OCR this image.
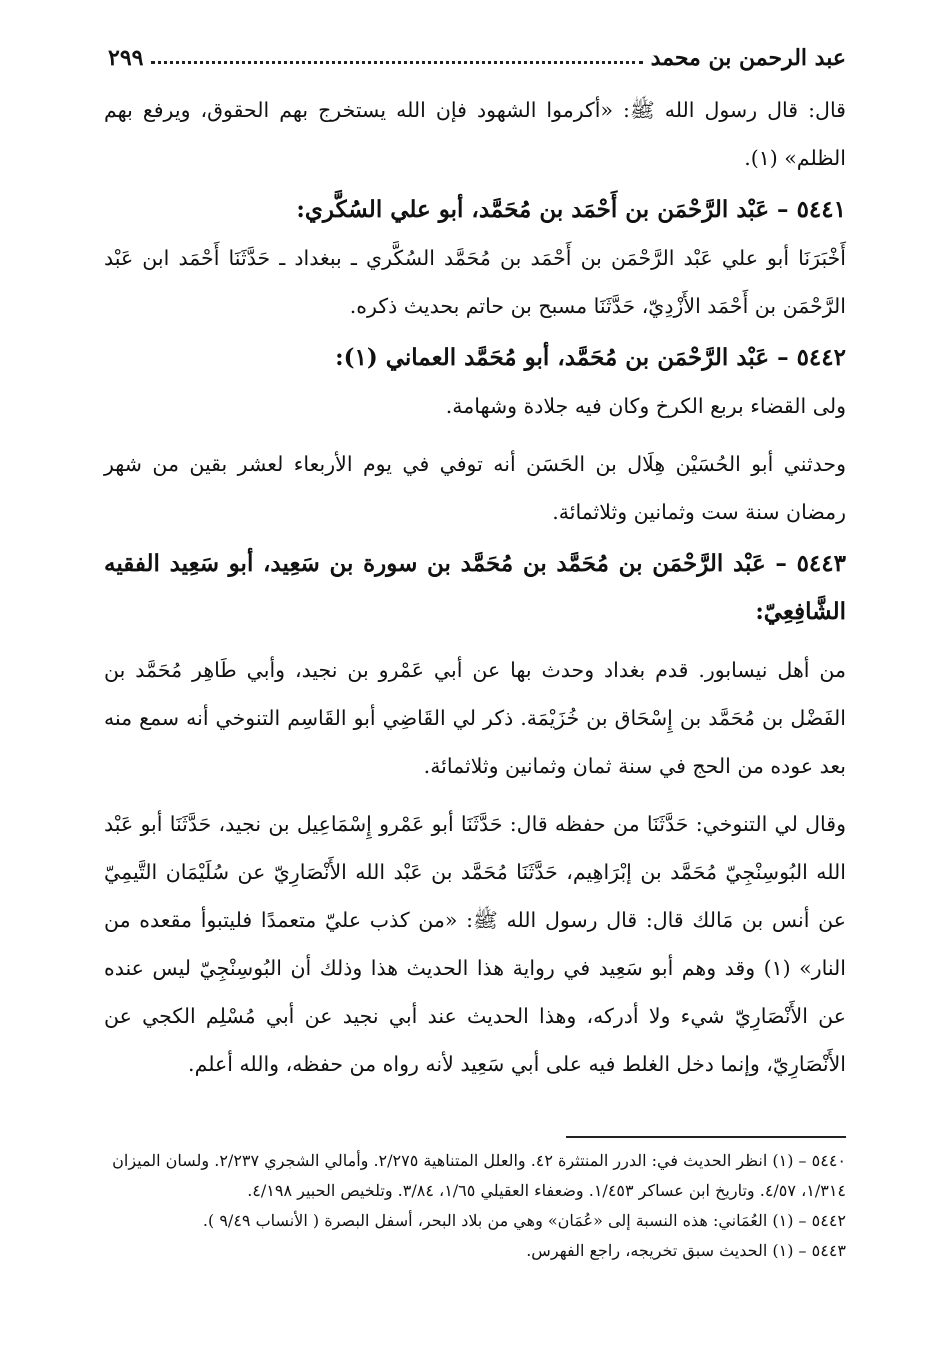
عبد الرحمن بن محمد
٢٩٩

قال: قال رسول الله ﷺ: «أكرموا الشهود فإن الله يستخرج بهم الحقوق، ويرفع بهم الظلم» (١).

٥٤٤١ – عَبْد الرَّحْمَن بن أَحْمَد بن مُحَمَّد، أبو علي السُكَّري:

أَخْبَرَنَا أبو علي عَبْد الرَّحْمَن بن أَحْمَد بن مُحَمَّد السُكَّري ـ ببغداد ـ حَدَّثَنَا أَحْمَد ابن عَبْد الرَّحْمَن بن أَحْمَد الأَزْدِيّ، حَدَّثَنَا مسبح بن حاتم بحديث ذكره.

٥٤٤٢ – عَبْد الرَّحْمَن بن مُحَمَّد، أبو مُحَمَّد العماني (١):

ولى القضاء بربع الكرخ وكان فيه جلادة وشهامة.

وحدثني أبو الحُسَيْن هِلَال بن الحَسَن أنه توفي في يوم الأربعاء لعشر بقين من شهر رمضان سنة ست وثمانين وثلاثمائة.

٥٤٤٣ – عَبْد الرَّحْمَن بن مُحَمَّد بن مُحَمَّد بن سورة بن سَعِيد، أبو سَعِيد الفقيه الشَّافِعِيّ:

من أهل نيسابور. قدم بغداد وحدث بها عن أبي عَمْرو بن نجيد، وأبي طَاهِر مُحَمَّد بن الفَضْل بن مُحَمَّد بن إِسْحَاق بن خُزَيْمَة. ذكر لي القَاضِي أبو القَاسِم التنوخي أنه سمع منه بعد عوده من الحج في سنة ثمان وثمانين وثلاثمائة.

وقال لي التنوخي: حَدَّثَنَا من حفظه قال: حَدَّثَنَا أبو عَمْرو إِسْمَاعِيل بن نجيد، حَدَّثَنَا أبو عَبْد الله البُوسِنْجِيّ مُحَمَّد بن إبْرَاهِيم، حَدَّثَنَا مُحَمَّد بن عَبْد الله الأَنْصَارِيّ عن سُلَيْمَان التَّيمِيّ عن أنس بن مَالك قال: قال رسول الله ﷺ: «من كذب عليّ متعمدًا فليتبوأ مقعده من النار» (١) وقد وهم أبو سَعِيد في رواية هذا الحديث هذا وذلك أن البُوسِنْجِيّ ليس عنده عن الأَنْصَارِيّ شيء ولا أدركه، وهذا الحديث عند أبي نجيد عن أبي مُسْلِم الكجي عن الأَنْصَارِيّ، وإنما دخل الغلط فيه على أبي سَعِيد لأنه رواه من حفظه، والله أعلم.

٥٤٤٠ – (١) انظر الحديث في: الدرر المنتثرة ٤٢. والعلل المتناهية ٢/٢٧٥. وأمالي الشجري ٢/٢٣٧. ولسان الميزان ١/٣١٤، ٤/٥٧. وتاريخ ابن عساكر ١/٤٥٣. وضعفاء العقيلي ١/٦٥، ٣/٨٤. وتلخيص الحبير ٤/١٩٨.

٥٤٤٢ – (١) العُمَاني: هذه النسبة إلى «عُمَان» وهي من بلاد البحر، أسفل البصرة ( الأنساب ٩/٤٩ ).

٥٤٤٣ – (١) الحديث سبق تخريجه، راجع الفهرس.
